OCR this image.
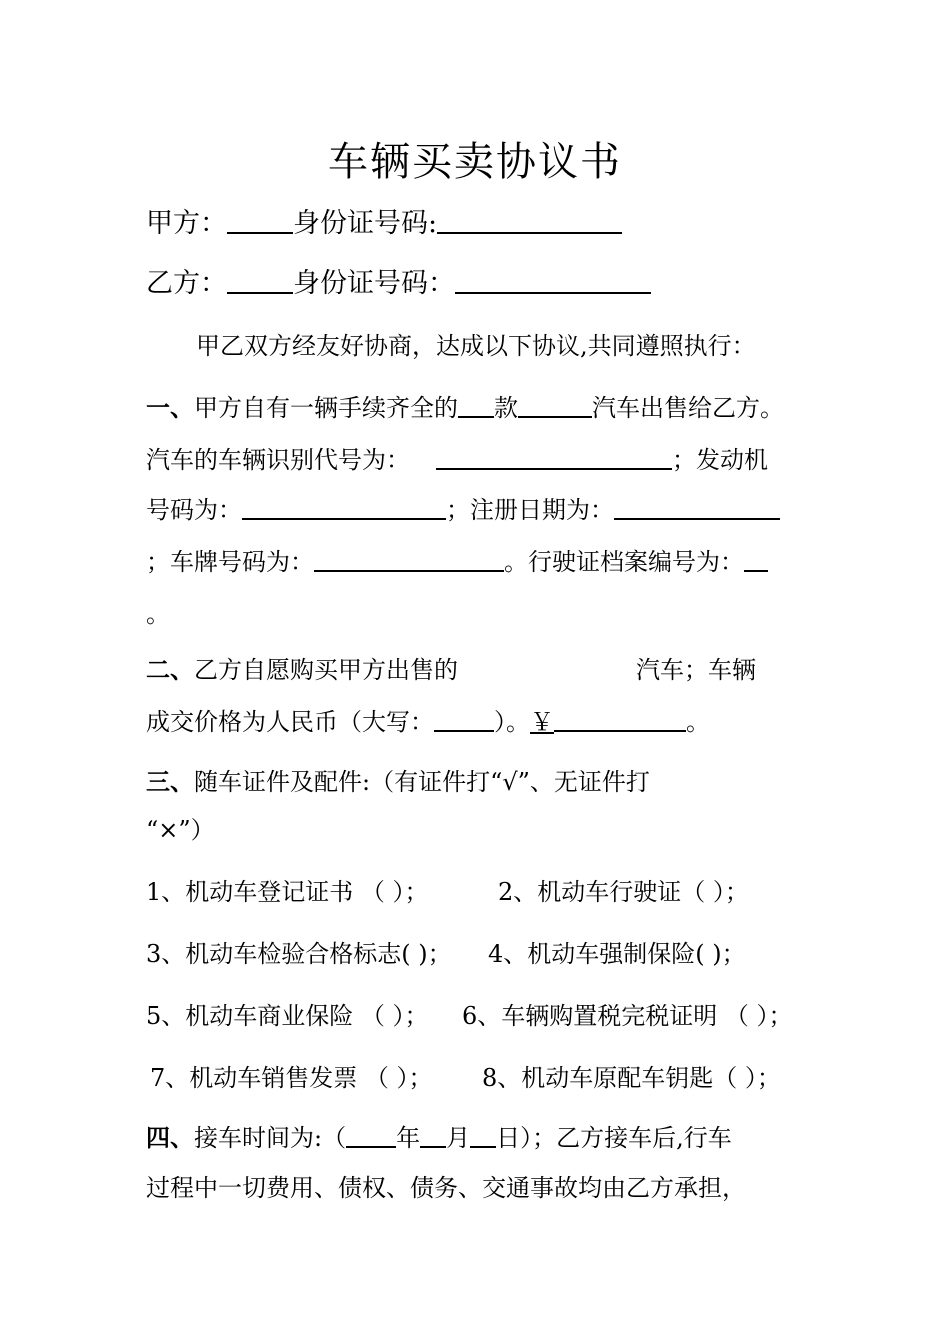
车辆买卖协议书
甲方： 身份证号码:
乙方： 身份证号码：
甲乙双方经友好协商，达成以下协议,共同遵照执行：
一、甲方自有一辆手续齐全的 款	汽车出售给乙方。
汽车的车辆识别代号为：	；发动机
号码为：	；注册日期为：
；车牌号码为：	。行驶证档案编号为：
。
二、乙方自愿购买甲方出售的	汽车；车辆
成交价格为人民币（大写：	）。￥	。
三、随车证件及配件:（有证件打“√”、无证件打
“×”）
1、机动车登记证书 （ ）；	2、机动车行驶证（ ）；
3、机动车检验合格标志( )； 4、机动车强制保险( )；
5、机动车商业保险 （ ）； 6、车辆购置税完税证明 （ ）；
7、机动车销售发票 （ ）； 8、机动车原配车钥匙（ ）；
四、接车时间为:（ 年 月 日）；乙方接车后,行车
过程中一切费用、债权、债务、交通事故均由乙方承担，
